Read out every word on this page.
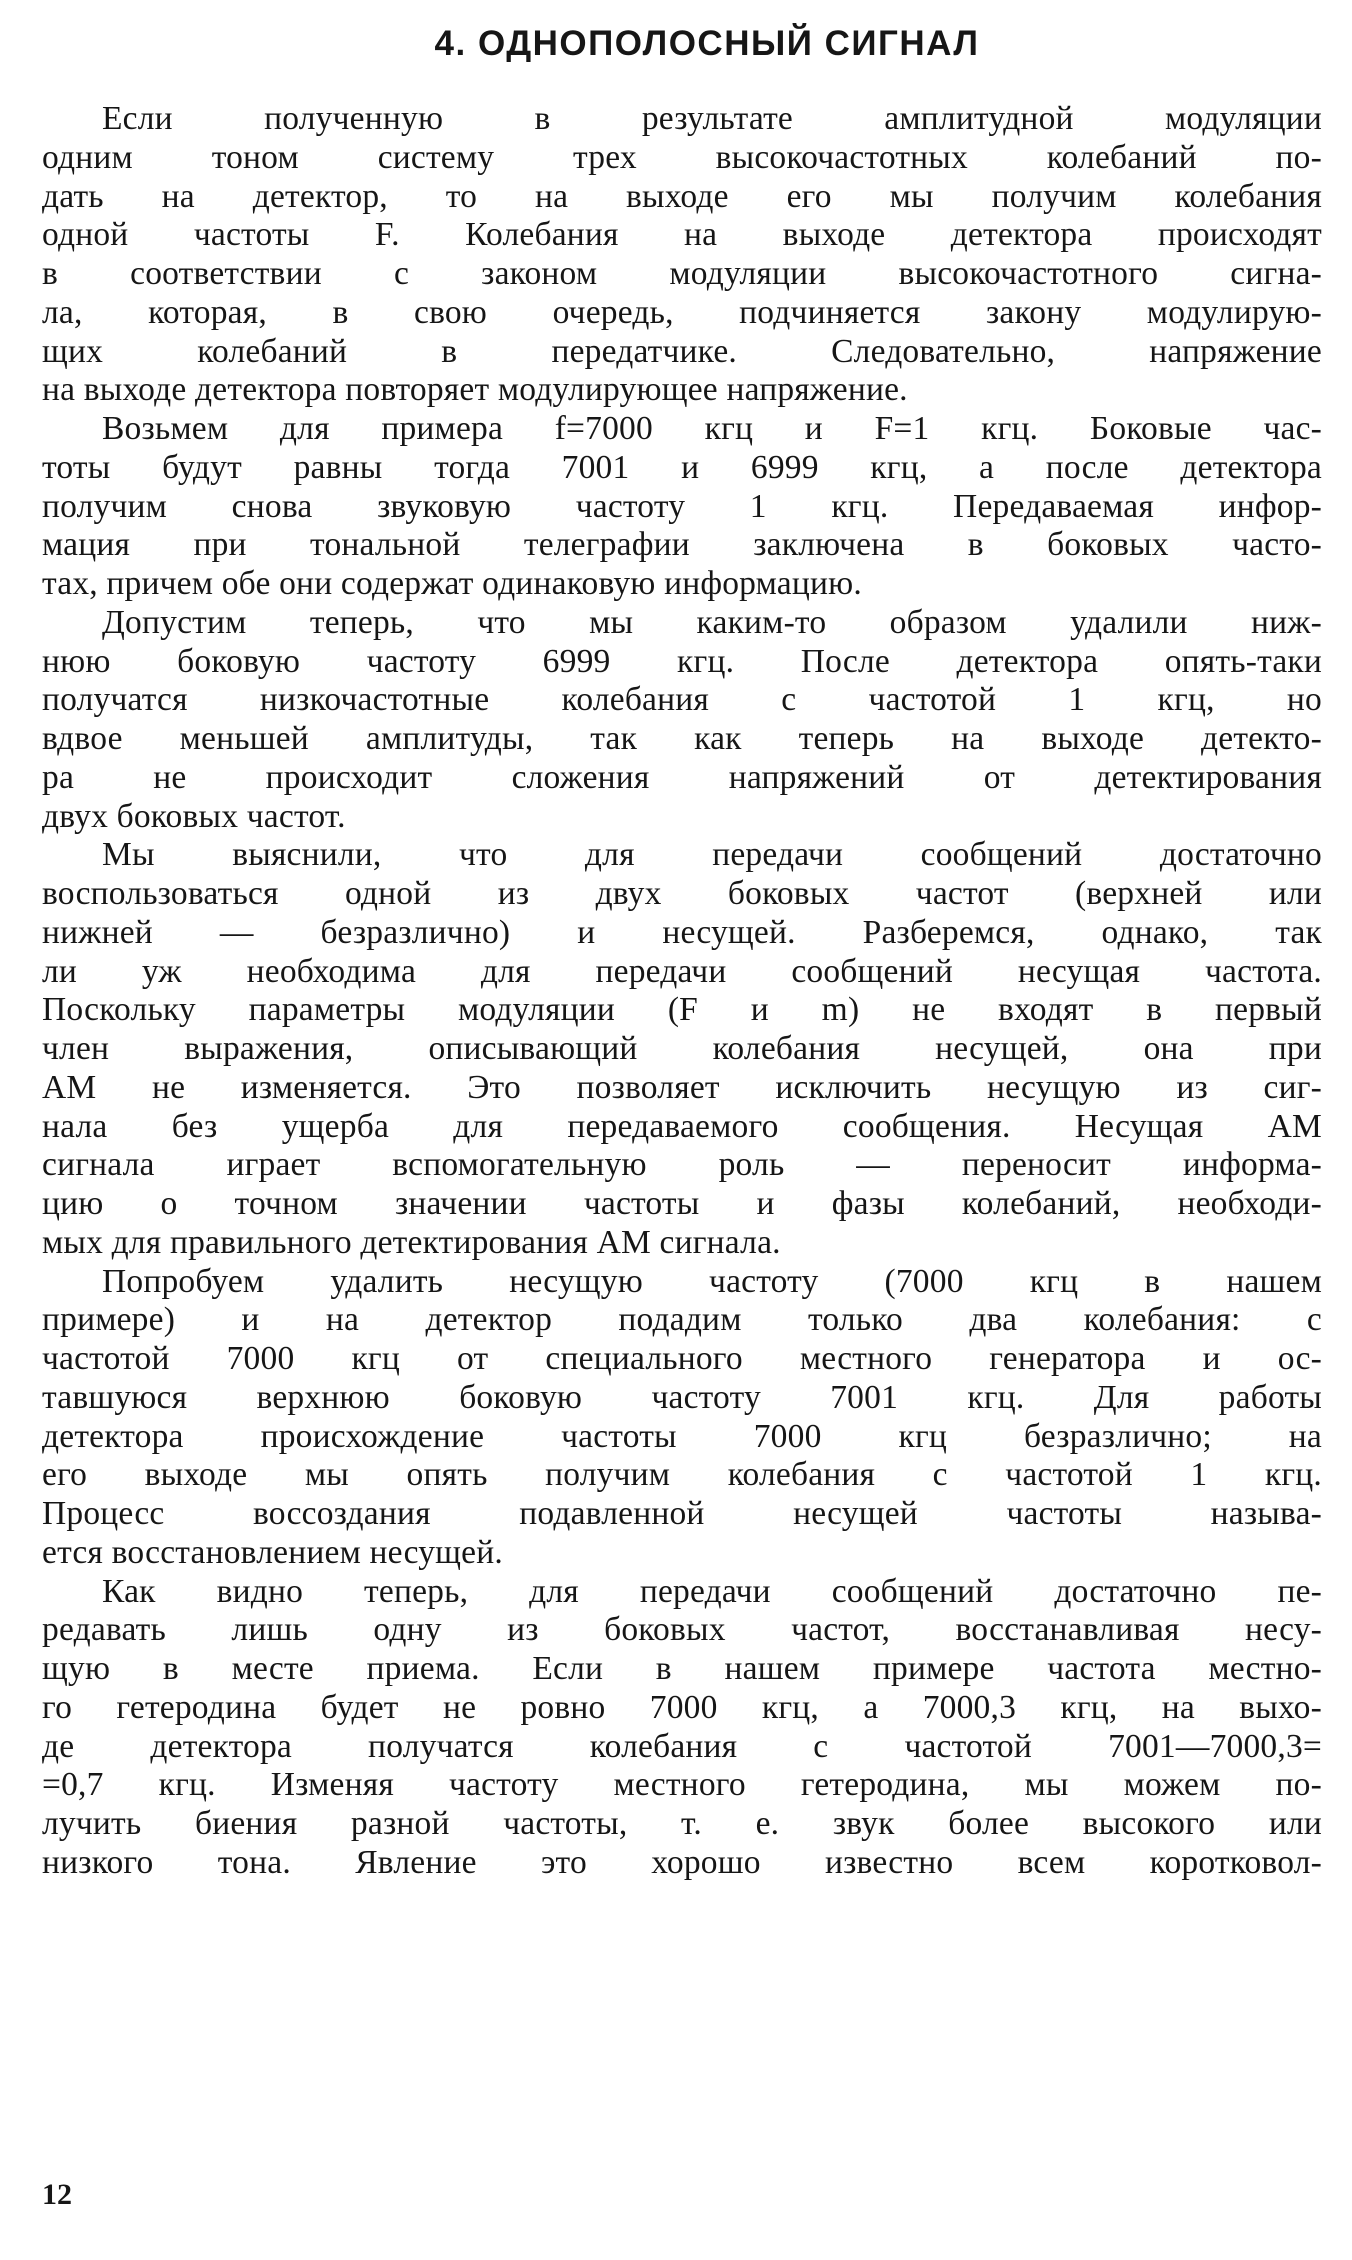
4. ОДНОПОЛОСНЫЙ СИГНАЛ

Если полученную в результате амплитудной модуляции
одним тоном систему трех высокочастотных колебаний по-
дать на детектор, то на выходе его мы получим колебания
одной частоты F. Колебания на выходе детектора происходят
в соответствии с законом модуляции высокочастотного сигна-
ла, которая, в свою очередь, подчиняется закону модулирую-
щих колебаний в передатчике. Следовательно, напряжение
на выходе детектора повторяет модулирующее напряжение.

Возьмем для примера f=7000 кгц и F=1 кгц. Боковые час-
тоты будут равны тогда 7001 и 6999 кгц, а после детектора
получим снова звуковую частоту 1 кгц. Передаваемая инфор-
мация при тональной телеграфии заключена в боковых часто-
тах, причем обе они содержат одинаковую информацию.

Допустим теперь, что мы каким-то образом удалили ниж-
нюю боковую частоту 6999 кгц. После детектора опять-таки
получатся низкочастотные колебания с частотой 1 кгц, но
вдвое меньшей амплитуды, так как теперь на выходе детекто-
ра не происходит сложения напряжений от детектирования
двух боковых частот.

Мы выяснили, что для передачи сообщений достаточно
воспользоваться одной из двух боковых частот (верхней или
нижней — безразлично) и несущей. Разберемся, однако, так
ли уж необходима для передачи сообщений несущая частота.
Поскольку параметры модуляции (F и m) не входят в первый
член выражения, описывающий колебания несущей, она при
AM не изменяется. Это позволяет исключить несущую из сиг-
нала без ущерба для передаваемого сообщения. Несущая AM
сигнала играет вспомогательную роль — переносит информа-
цию о точном значении частоты и фазы колебаний, необходи-
мых для правильного детектирования AM сигнала.

Попробуем удалить несущую частоту (7000 кгц в нашем
примере) и на детектор подадим только два колебания: с
частотой 7000 кгц от специального местного генератора и ос-
тавшуюся верхнюю боковую частоту 7001 кгц. Для работы
детектора происхождение частоты 7000 кгц безразлично; на
его выходе мы опять получим колебания с частотой 1 кгц.
Процесс воссоздания подавленной несущей частоты называ-
ется восстановлением несущей.

Как видно теперь, для передачи сообщений достаточно пе-
редавать лишь одну из боковых частот, восстанавливая несу-
щую в месте приема. Если в нашем примере частота местно-
го гетеродина будет не ровно 7000 кгц, а 7000,3 кгц, на выхо-
де детектора получатся колебания с частотой 7001—7000,3=
=0,7 кгц. Изменяя частоту местного гетеродина, мы можем по-
лучить биения разной частоты, т. е. звук более высокого или
низкого тона. Явление это хорошо известно всем коротковол-

12
